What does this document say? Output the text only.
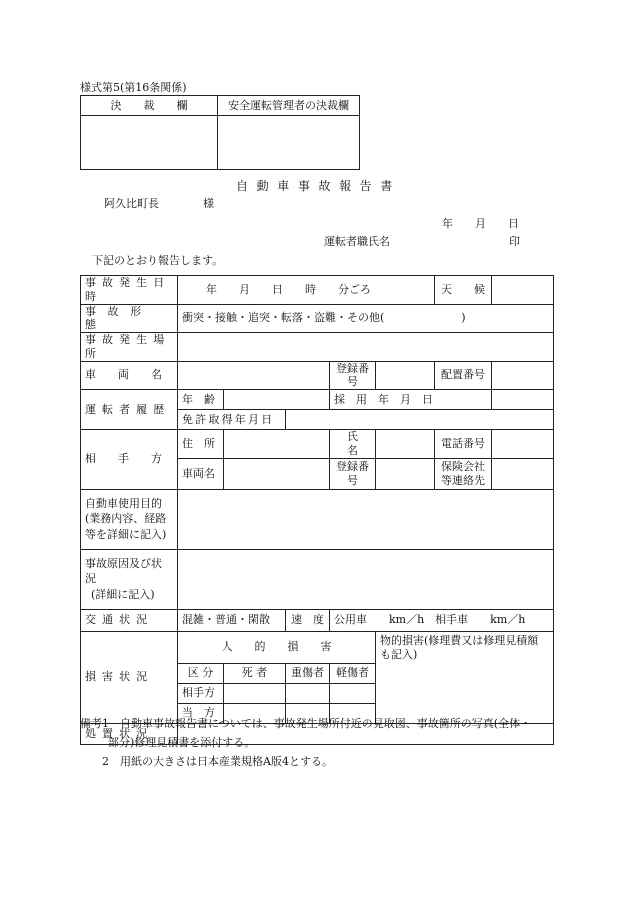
様式第5(第16条関係)
決　　裁　　欄	安全運転管理者の決裁欄

自 動 車 事 故 報 告 書
阿久比町長　　　　様
年　　月　　日
運転者職氏名	印
下記のとおり報告します。
事故発生日時	年　　月　　日　　時　　分ごろ					天　　候	
事故形態	衝突・接触・追突・転落・盗難・その他(　　　　　　　)						
事故発生場所							
車　　両　　名				登録番号		配置番号	
運転者履歴	年　齢			採　用　年　月　日			
	免許取得年月日						
相　　手　　方	住　所			氏　　名		電話番号	
	車両名			登録番号		保険会社
等連絡先	

自動車使用目的
(業務内容、経路
等を詳細に記入)							

事故原因及び状
況
(詳細に記入)							

交通状況	混雑・普通・閑散		速　度	公用車　　km／h　相手車　　km／h			
損害状況	人　　的　　損　　害				物的損害(修理費又は修理見積額
も記入)		

	区 分	死 者	重傷者	軽傷者			
	相手方						
	当　方						
処置状況							
備考1　自動車事故報告書については、事故発生場所付近の見取図、事故箇所の写真(全体・
部分)修理見積書を添付する。
2　用紙の大きさは日本産業規格A版4とする。
